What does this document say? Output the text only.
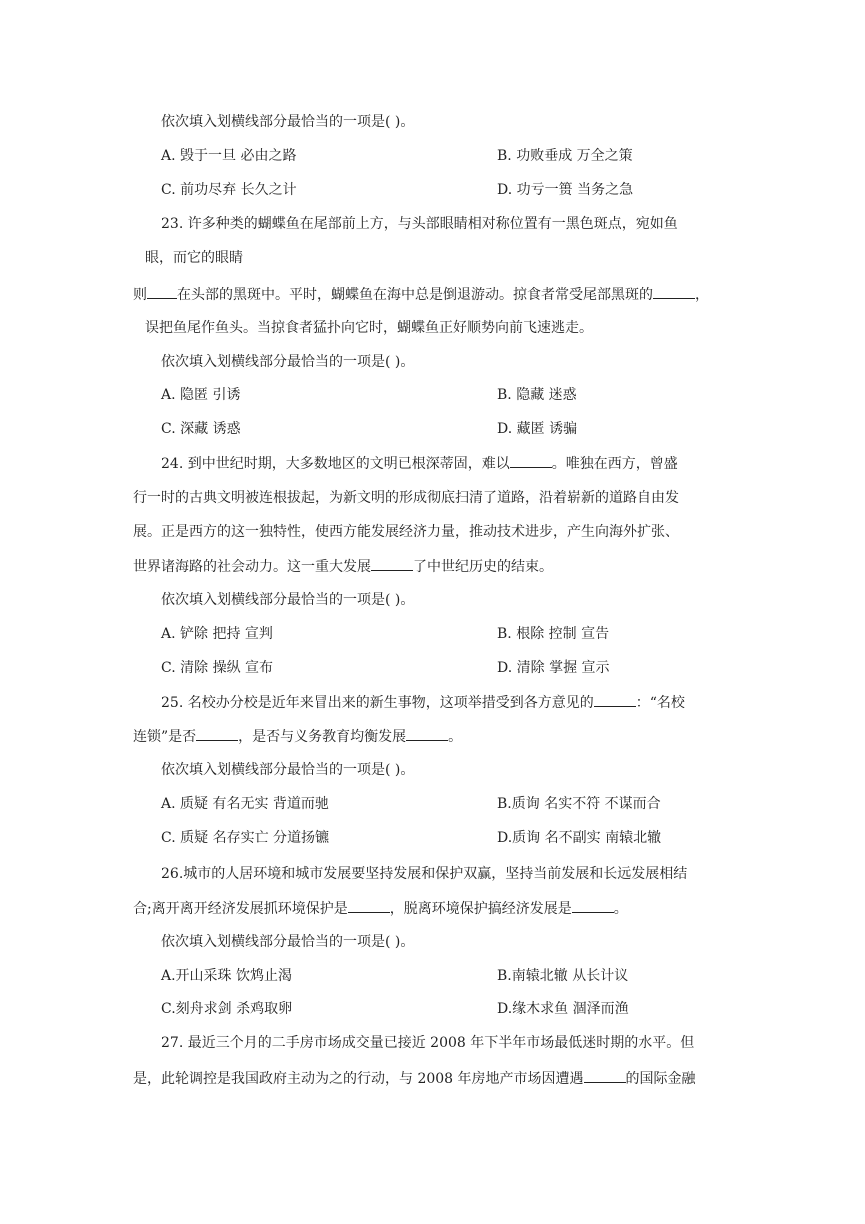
依次填入划横线部分最恰当的一项是( )。
A. 毁于一旦 必由之路	B. 功败垂成 万全之策
C. 前功尽弃 长久之计	D. 功亏一篑 当务之急
23. 许多种类的蝴蝶鱼在尾部前上方，与头部眼睛相对称位置有一黑色斑点，宛如鱼
眼，而它的眼睛
则 在头部的黑斑中。平时，蝴蝶鱼在海中总是倒退游动。掠食者常受尾部黑斑的	，
误把鱼尾作鱼头。当掠食者猛扑向它时，蝴蝶鱼正好顺势向前飞速逃走。
依次填入划横线部分最恰当的一项是( )。
A. 隐匿 引诱	B. 隐藏 迷惑
C. 深藏 诱惑	D. 藏匿 诱骗
24. 到中世纪时期，大多数地区的文明已根深蒂固，难以	。唯独在西方，曾盛
行一时的古典文明被连根拔起，为新文明的形成彻底扫清了道路，沿着崭新的道路自由发
展。正是西方的这一独特性，使西方能发展经济力量，推动技术进步，产生向海外扩张、
世界诸海路的社会动力。这一重大发展	了中世纪历史的结束。
依次填入划横线部分最恰当的一项是( )。
A. 铲除 把持 宣判	B. 根除 控制 宣告
C. 清除 操纵 宣布	D. 清除 掌握 宣示
25. 名校办分校是近年来冒出来的新生事物，这项举措受到各方意见的	：“名校
连锁”是否	，是否与义务教育均衡发展	。
依次填入划横线部分最恰当的一项是( )。
A. 质疑 有名无实 背道而驰	B.质询 名实不符 不谋而合
C. 质疑 名存实亡 分道扬镳	D.质询 名不副实 南辕北辙
26.城市的人居环境和城市发展要坚持发展和保护双赢，坚持当前发展和长远发展相结
合;离开离开经济发展抓环境保护是	，脱离环境保护搞经济发展是	。
依次填入划横线部分最恰当的一项是( )。
A.开山采珠 饮鸩止渴	B.南辕北辙 从长计议
C.刻舟求剑 杀鸡取卵	D.缘木求鱼 涸泽而渔
27. 最近三个月的二手房市场成交量已接近 2008 年下半年市场最低迷时期的水平。但
是，此轮调控是我国政府主动为之的行动，与 2008 年房地产市场因遭遇	的国际金融
